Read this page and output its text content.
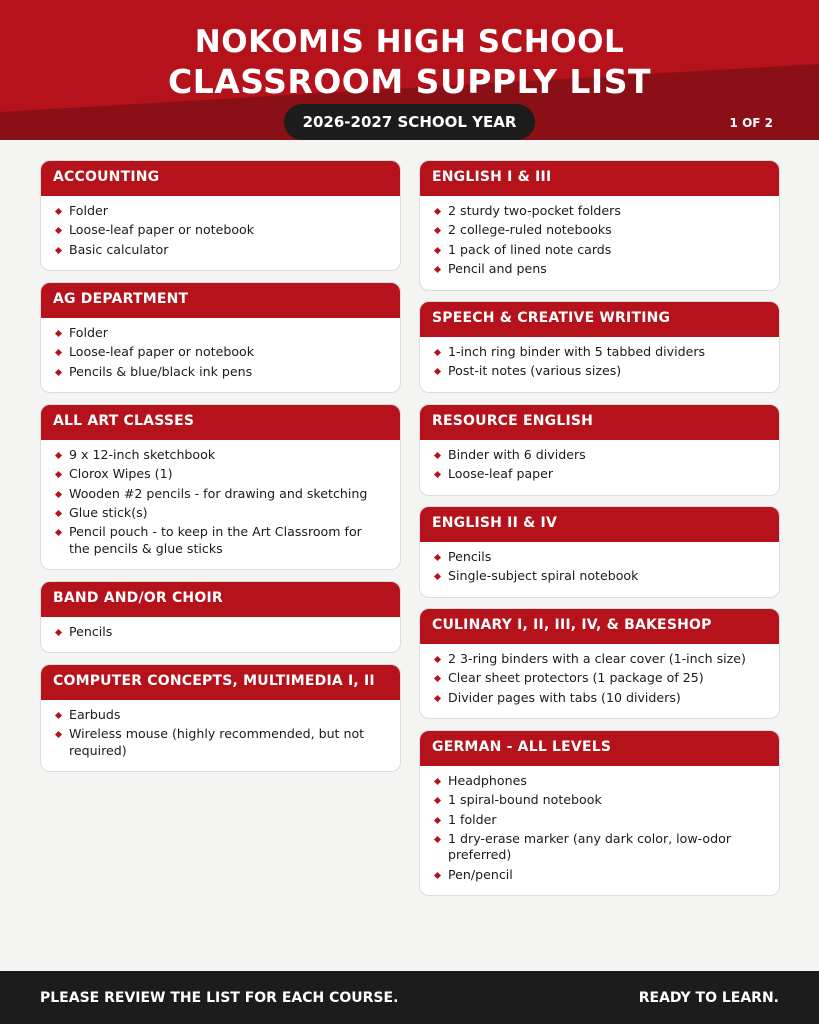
NOKOMIS HIGH SCHOOL
CLASSROOM SUPPLY LIST
2026-2027 SCHOOL YEAR	1 OF 2
ACCOUNTING
Folder
Loose-leaf paper or notebook
Basic calculator
AG DEPARTMENT
Folder
Loose-leaf paper or notebook
Pencils & blue/black ink pens
ALL ART CLASSES
9 x 12-inch sketchbook
Clorox Wipes (1)
Wooden #2 pencils - for drawing and sketching
Glue stick(s)
Pencil pouch - to keep in the Art Classroom for the pencils & glue sticks
BAND AND/OR CHOIR
Pencils
COMPUTER CONCEPTS, MULTIMEDIA I, II
Earbuds
Wireless mouse (highly recommended, but not required)
ENGLISH I & III
2 sturdy two-pocket folders
2 college-ruled notebooks
1 pack of lined note cards
Pencil and pens
SPEECH & CREATIVE WRITING
1-inch ring binder with 5 tabbed dividers
Post-it notes (various sizes)
RESOURCE ENGLISH
Binder with 6 dividers
Loose-leaf paper
ENGLISH II & IV
Pencils
Single-subject spiral notebook
CULINARY I, II, III, IV, & BAKESHOP
2 3-ring binders with a clear cover (1-inch size)
Clear sheet protectors (1 package of 25)
Divider pages with tabs (10 dividers)
GERMAN - ALL LEVELS
Headphones
1 spiral-bound notebook
1 folder
1 dry-erase marker (any dark color, low-odor preferred)
Pen/pencil
PLEASE REVIEW THE LIST FOR EACH COURSE.	READY TO LEARN.
